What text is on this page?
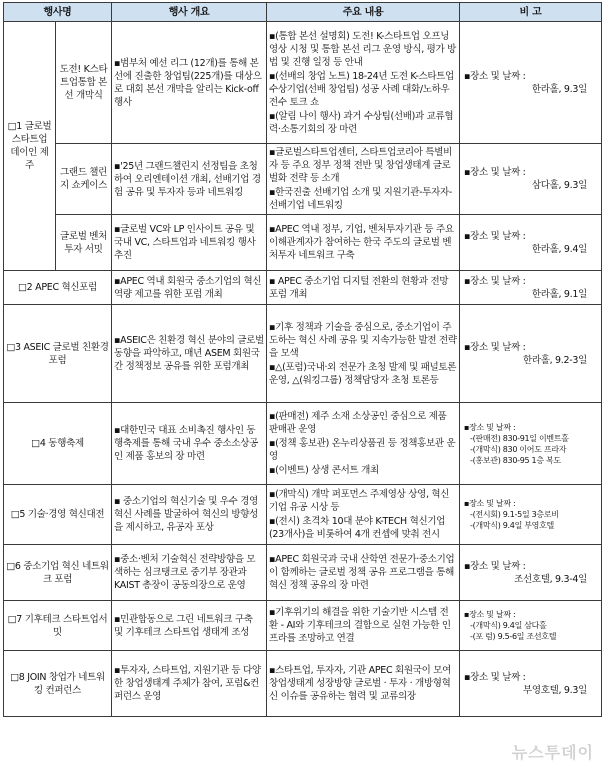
행사명		행사 개요	주요 내용	비 고
□1 글로벌 스타트업 데이인 제주	도전! K스타트업통합 본선 개막식	▪범부처 예선 리그 (12개)를 통해 본선에 진출한 창업팀(225개)를 대상으로 대회 본선 개막을 알리는 Kick-off 행사	▪(통합 본선 설명회) 도전! K-스타트업 오프닝 영상 시청 및 통합 본선 리그 운영 방식, 평가 방법 및 진행 일정 등 안내
▪(선배의 창업 노트) 18-24년 도전 K-스타트업 수상기업(선배 창업팀) 성공 사례 대화/노하우 전수 토크 쇼
▪(알림 나이 행사) 과거 수상팀(선배)과 교류협력·소통기회의 장 마련	▪장소 및 날짜 :
한라홀, 9.3일

	그랜드 챌린지 쇼케이스	▪'25년 그랜드챌린지 선정팀을 초청하여 오리엔테이션 개최, 선배기업 경험 공유 및 투자자 등과 네트워킹	▪글로벌스타트업센터, 스타트업코리아 특별비자 등 주요 정부 정책 전반 및 창업생태계 글로벌화 전략 등 소개
▪한국진출 선배기업 소개 및 지원기관-투자자-선배기업 네트워킹	▪장소 및 날짜 :
삼다홀, 9.3일

	글로벌 벤처투자 서밋	▪글로벌 VC와 LP 인사이트 공유 및 국내 VC, 스타트업과 네트워킹 행사 추진	▪APEC 역내 정부, 기업, 벤처투자기관 등 주요 이해관계자가 참여하는 한국 주도의 글로벌 벤처투자 네트워크 구축	▪장소 및 날짜 :
한라홀, 9.4일

□2 APEC 혁신포럼		▪APEC 역내 회원국 중소기업의 혁신역량 제고를 위한 포럼 개최	▪ APEC 중소기업 디지털 전환의 현황과 전망 포럼 개최	▪장소 및 날짜 :
한라홀, 9.1일

□3 ASEIC 글로벌 친환경 포럼		▪ASEIC은 친환경 혁신 분야의 글로벌 동향을 파악하고, 매년 ASEM 회원국 간 정책정보 공유를 위한 포럼개최	▪기후 정책과 기술을 중심으로, 중소기업이 주도하는 혁신 사례 공유 및 지속가능한 발전 전략을 모색
▪△(포럼)국내·외 전문가 초청 발제 및 패널토론 운영, △(워킹그룹) 정책담당자 초청 토론등	▪장소 및 날짜 :
한라홀, 9.2-3일

□4 동행축제		▪대한민국 대표 소비촉진 행사인 동행축제를 통해 국내 우수 중소소상공인 제품 홍보의 장 마련	▪(판매전) 제주 소재 소상공인 중심으로 제품 판매관 운영
▪(정책 홍보관) 온누리상품권 등 정책홍보관 운영
▪(이벤트) 상생 콘서트 개최	▪장소 및 날짜 :
-(판매전) 830-91일 이벤트홀
-(개막식) 830 이어도 프라자
-(홍보관) 830-95 1층 복도

□5 기술·경영 혁신대전		▪ 중소기업의 혁신기술 및 우수 경영혁신 사례를 발굴하여 혁신의 방향성을 제시하고, 유공자 포상	▪(개막식) 개막 퍼포먼스 주제영상 상영, 혁신기업 유공 시상 등
▪(전시) 초격차 10대 분야 K-TECH 혁신기업(23개사)을 비롯하여 4개 컨셉에 맞춰 전시	▪장소 및 날짜 :
-(전시회) 9.1-5일 3층로비
-(개막식) 9.4일 부영호텔

□6 중소기업 혁신 네트워크 포럼		▪중소·벤처 기술혁신 전략방향을 모색하는 심크탱크로 중기부 장관과 KAIST 총장이 공동의장으로 운영	▪APEC 회원국과 국내 산학연 전문가·중소기업이 함께하는 글로벌 정책 공유 프로그램을 통해 혁신 정책 공유의 장 마련	▪장소 및 날짜 :
조선호텔, 9.3-4일

□7 기후테크 스타트업서밋		▪민관합동으로 그린 네트워크 구축 및 기후테크 스타트업 생태계 조성	▪기후위기의 해결을 위한 기술기반 시스템 전환 - AI와 기후테크의 결합으로 실현 가능한 인프라를 조망하고 연결	▪장소 및 날짜 :
-(개막식) 9.4일 삼다홀
-(포 럼) 9.5-6일 조선호텔

□8 JOIN 창업가 네트워킹 컨퍼런스		▪투자자, 스타트업, 지원기관 등 다양한 창업생태계 주체가 참여, 포럼&컨퍼런스 운영	▪스타트업, 투자자, 기관 APEC 회원국이 모여 창업생태계 성장방향 글로벌 · 투자 · 개방형혁신 이슈를 공유하는 협력 및 교류의장	▪장소 및 날짜 :
부영호텔, 9.3일
뉴스투데이
